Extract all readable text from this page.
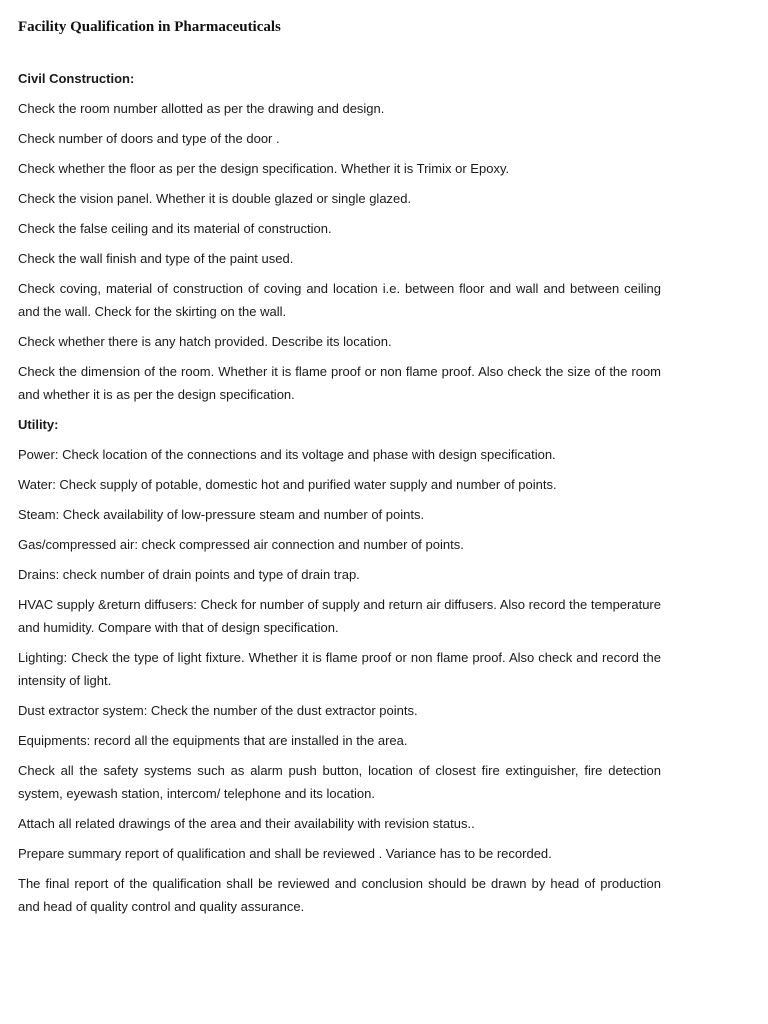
Facility Qualification in Pharmaceuticals
Civil Construction:
Check the room number allotted as per the drawing and design.
Check number of doors and type of the door .
Check whether the floor as per the design specification. Whether it is Trimix or Epoxy.
Check the vision panel. Whether it is double glazed or single glazed.
Check the false ceiling and its material of construction.
Check the wall finish and type of the paint used.
Check coving, material of construction of coving and location i.e. between floor and wall and between ceiling and the wall. Check for the skirting on the wall.
Check whether there is any hatch provided. Describe its location.
Check the dimension of the room. Whether it is flame proof or non flame proof. Also check the size of the room and whether it is as per the design specification.
Utility:
Power: Check location of the connections and its voltage and phase with design specification.
Water: Check supply of potable, domestic hot and purified water supply and number of points.
Steam: Check availability of low-pressure steam and number of points.
Gas/compressed air: check compressed air connection and number of points.
Drains: check number of drain points and type of drain trap.
HVAC supply &return diffusers: Check for number of supply and return air diffusers. Also record the temperature and humidity. Compare with that of design specification.
Lighting: Check the type of light fixture. Whether it is flame proof or non flame proof. Also check and record the intensity of light.
Dust extractor system: Check the number of the dust extractor points.
Equipments: record all the equipments that are installed in the area.
Check all the safety systems such as alarm push button, location of closest fire extinguisher, fire detection system, eyewash station, intercom/ telephone and its location.
Attach all related drawings of the area and their availability with revision status..
Prepare summary report of qualification and shall be reviewed . Variance has to be recorded.
The final report of the qualification shall be reviewed and conclusion should be drawn by head of production and head of quality control and quality assurance.
